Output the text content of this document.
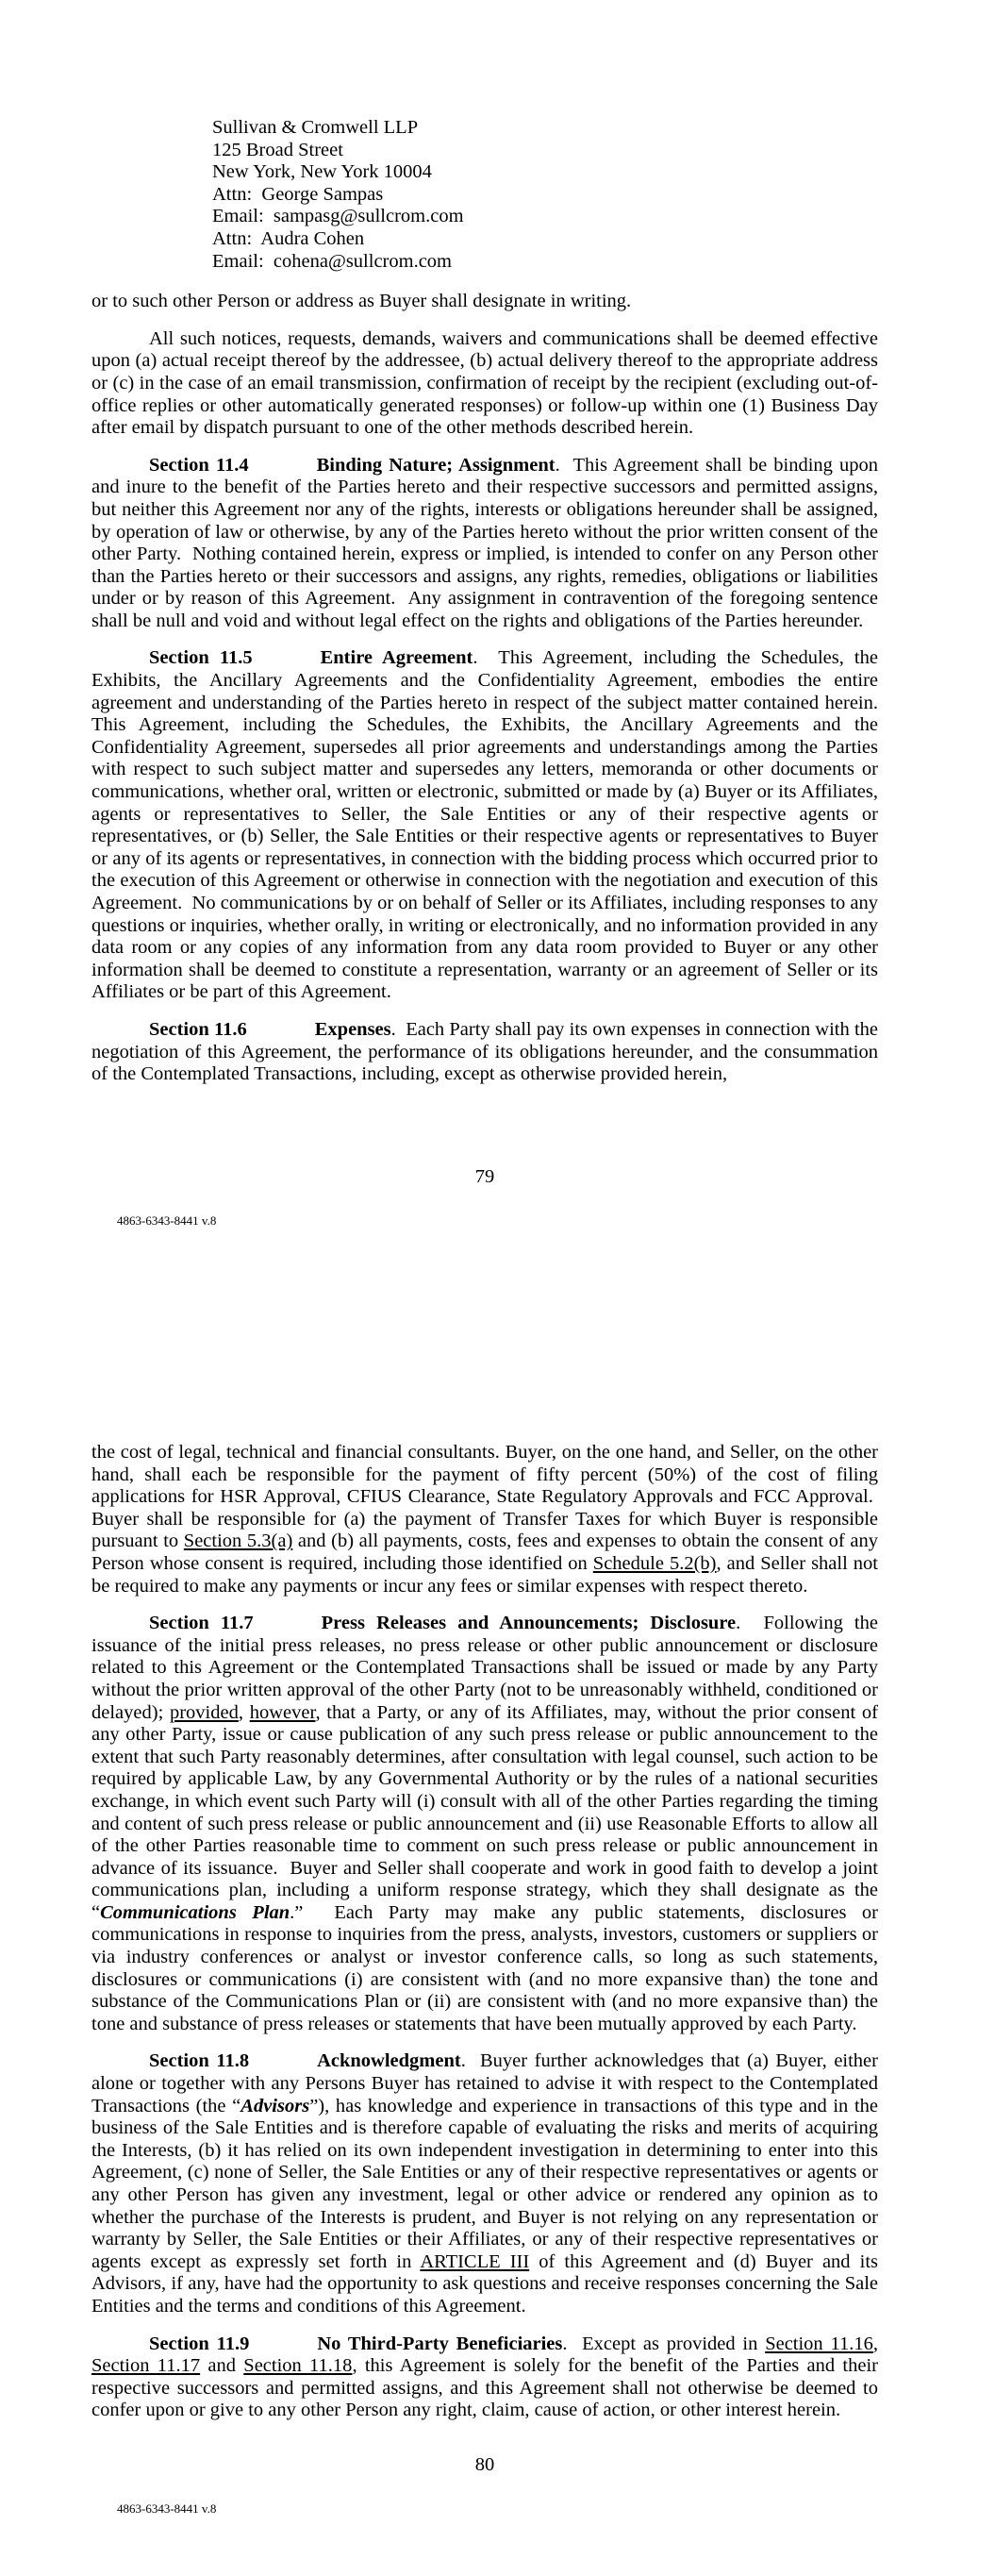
Sullivan & Cromwell LLP
125 Broad Street
New York, New York 10004
Attn:  George Sampas
Email:  sampasg@sullcrom.com
Attn:  Audra Cohen
Email:  cohena@sullcrom.com

or to such other Person or address as Buyer shall designate in writing.

All such notices, requests, demands, waivers and communications shall be deemed effective upon (a) actual receipt thereof by the addressee, (b) actual delivery thereof to the appropriate address or (c) in the case of an email transmission, confirmation of receipt by the recipient (excluding out-of-office replies or other automatically generated responses) or follow-up within one (1) Business Day after email by dispatch pursuant to one of the other methods described herein.

Section 11.4	Binding Nature; Assignment.  This Agreement shall be binding upon and inure to the benefit of the Parties hereto and their respective successors and permitted assigns, but neither this Agreement nor any of the rights, interests or obligations hereunder shall be assigned, by operation of law or otherwise, by any of the Parties hereto without the prior written consent of the other Party.  Nothing contained herein, express or implied, is intended to confer on any Person other than the Parties hereto or their successors and assigns, any rights, remedies, obligations or liabilities under or by reason of this Agreement.  Any assignment in contravention of the foregoing sentence shall be null and void and without legal effect on the rights and obligations of the Parties hereunder.

Section 11.5	Entire Agreement.  This Agreement, including the Schedules, the Exhibits, the Ancillary Agreements and the Confidentiality Agreement, embodies the entire agreement and understanding of the Parties hereto in respect of the subject matter contained herein. This Agreement, including the Schedules, the Exhibits, the Ancillary Agreements and the Confidentiality Agreement, supersedes all prior agreements and understandings among the Parties with respect to such subject matter and supersedes any letters, memoranda or other documents or communications, whether oral, written or electronic, submitted or made by (a) Buyer or its Affiliates, agents or representatives to Seller, the Sale Entities or any of their respective agents or representatives, or (b) Seller, the Sale Entities or their respective agents or representatives to Buyer or any of its agents or representatives, in connection with the bidding process which occurred prior to the execution of this Agreement or otherwise in connection with the negotiation and execution of this Agreement.  No communications by or on behalf of Seller or its Affiliates, including responses to any questions or inquiries, whether orally, in writing or electronically, and no information provided in any data room or any copies of any information from any data room provided to Buyer or any other information shall be deemed to constitute a representation, warranty or an agreement of Seller or its Affiliates or be part of this Agreement.

Section 11.6	Expenses.  Each Party shall pay its own expenses in connection with the negotiation of this Agreement, the performance of its obligations hereunder, and the consummation of the Contemplated Transactions, including, except as otherwise provided herein,

79
4863-6343-8441 v.8

the cost of legal, technical and financial consultants. Buyer, on the one hand, and Seller, on the other hand, shall each be responsible for the payment of fifty percent (50%) of the cost of filing applications for HSR Approval, CFIUS Clearance, State Regulatory Approvals and FCC Approval.  Buyer shall be responsible for (a) the payment of Transfer Taxes for which Buyer is responsible pursuant to Section 5.3(a) and (b) all payments, costs, fees and expenses to obtain the consent of any Person whose consent is required, including those identified on Schedule 5.2(b), and Seller shall not be required to make any payments or incur any fees or similar expenses with respect thereto.

Section 11.7	Press Releases and Announcements; Disclosure.  Following the issuance of the initial press releases, no press release or other public announcement or disclosure related to this Agreement or the Contemplated Transactions shall be issued or made by any Party without the prior written approval of the other Party (not to be unreasonably withheld, conditioned or delayed); provided, however, that a Party, or any of its Affiliates, may, without the prior consent of any other Party, issue or cause publication of any such press release or public announcement to the extent that such Party reasonably determines, after consultation with legal counsel, such action to be required by applicable Law, by any Governmental Authority or by the rules of a national securities exchange, in which event such Party will (i) consult with all of the other Parties regarding the timing and content of such press release or public announcement and (ii) use Reasonable Efforts to allow all of the other Parties reasonable time to comment on such press release or public announcement in advance of its issuance.  Buyer and Seller shall cooperate and work in good faith to develop a joint communications plan, including a uniform response strategy, which they shall designate as the “Communications Plan.”  Each Party may make any public statements, disclosures or communications in response to inquiries from the press, analysts, investors, customers or suppliers or via industry conferences or analyst or investor conference calls, so long as such statements, disclosures or communications (i) are consistent with (and no more expansive than) the tone and substance of the Communications Plan or (ii) are consistent with (and no more expansive than) the tone and substance of press releases or statements that have been mutually approved by each Party.

Section 11.8	Acknowledgment.  Buyer further acknowledges that (a) Buyer, either alone or together with any Persons Buyer has retained to advise it with respect to the Contemplated Transactions (the “Advisors”), has knowledge and experience in transactions of this type and in the business of the Sale Entities and is therefore capable of evaluating the risks and merits of acquiring the Interests, (b) it has relied on its own independent investigation in determining to enter into this Agreement, (c) none of Seller, the Sale Entities or any of their respective representatives or agents or any other Person has given any investment, legal or other advice or rendered any opinion as to whether the purchase of the Interests is prudent, and Buyer is not relying on any representation or warranty by Seller, the Sale Entities or their Affiliates, or any of their respective representatives or agents except as expressly set forth in ARTICLE III of this Agreement and (d) Buyer and its Advisors, if any, have had the opportunity to ask questions and receive responses concerning the Sale Entities and the terms and conditions of this Agreement.

Section 11.9	No Third-Party Beneficiaries.  Except as provided in Section 11.16, Section 11.17 and Section 11.18, this Agreement is solely for the benefit of the Parties and their respective successors and permitted assigns, and this Agreement shall not otherwise be deemed to confer upon or give to any other Person any right, claim, cause of action, or other interest herein.

80
4863-6343-8441 v.8
